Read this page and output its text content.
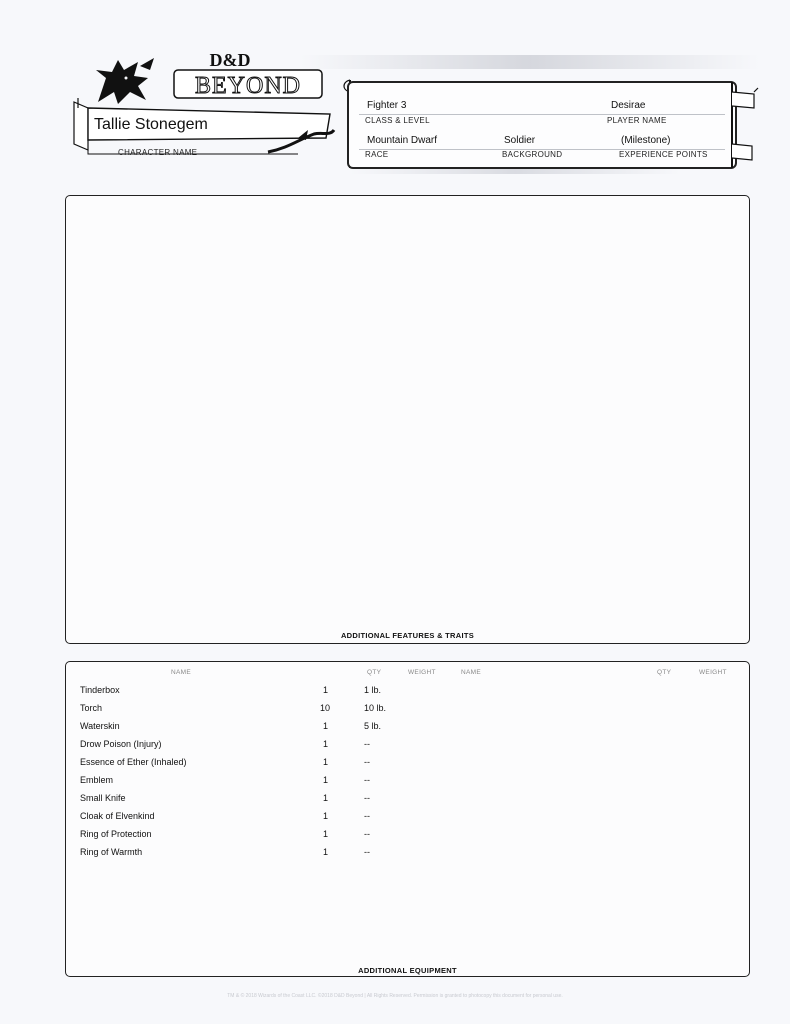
D&D
BEYOND
Tallie Stonegem
CHARACTER NAME
Fighter 3
CLASS & LEVEL
Desirae
PLAYER NAME
Mountain Dwarf
RACE
Soldier
BACKGROUND
(Milestone)
EXPERIENCE POINTS
ADDITIONAL FEATURES & TRAITS
NAME	QTY	WEIGHT	NAME	QTY	WEIGHT
Tinderbox	1	1 lb.
Torch	10	10 lb.
Waterskin	1	5 lb.
Drow Poison (Injury)	1	--
Essence of Ether (Inhaled)	1	--
Emblem	1	--
Small Knife	1	--
Cloak of Elvenkind	1	--
Ring of Protection	1	--
Ring of Warmth	1	--
ADDITIONAL EQUIPMENT
TM & © 2018 Wizards of the Coast LLC. ©2018 D&D Beyond | All Rights Reserved. Permission is granted to photocopy this document for personal use.
